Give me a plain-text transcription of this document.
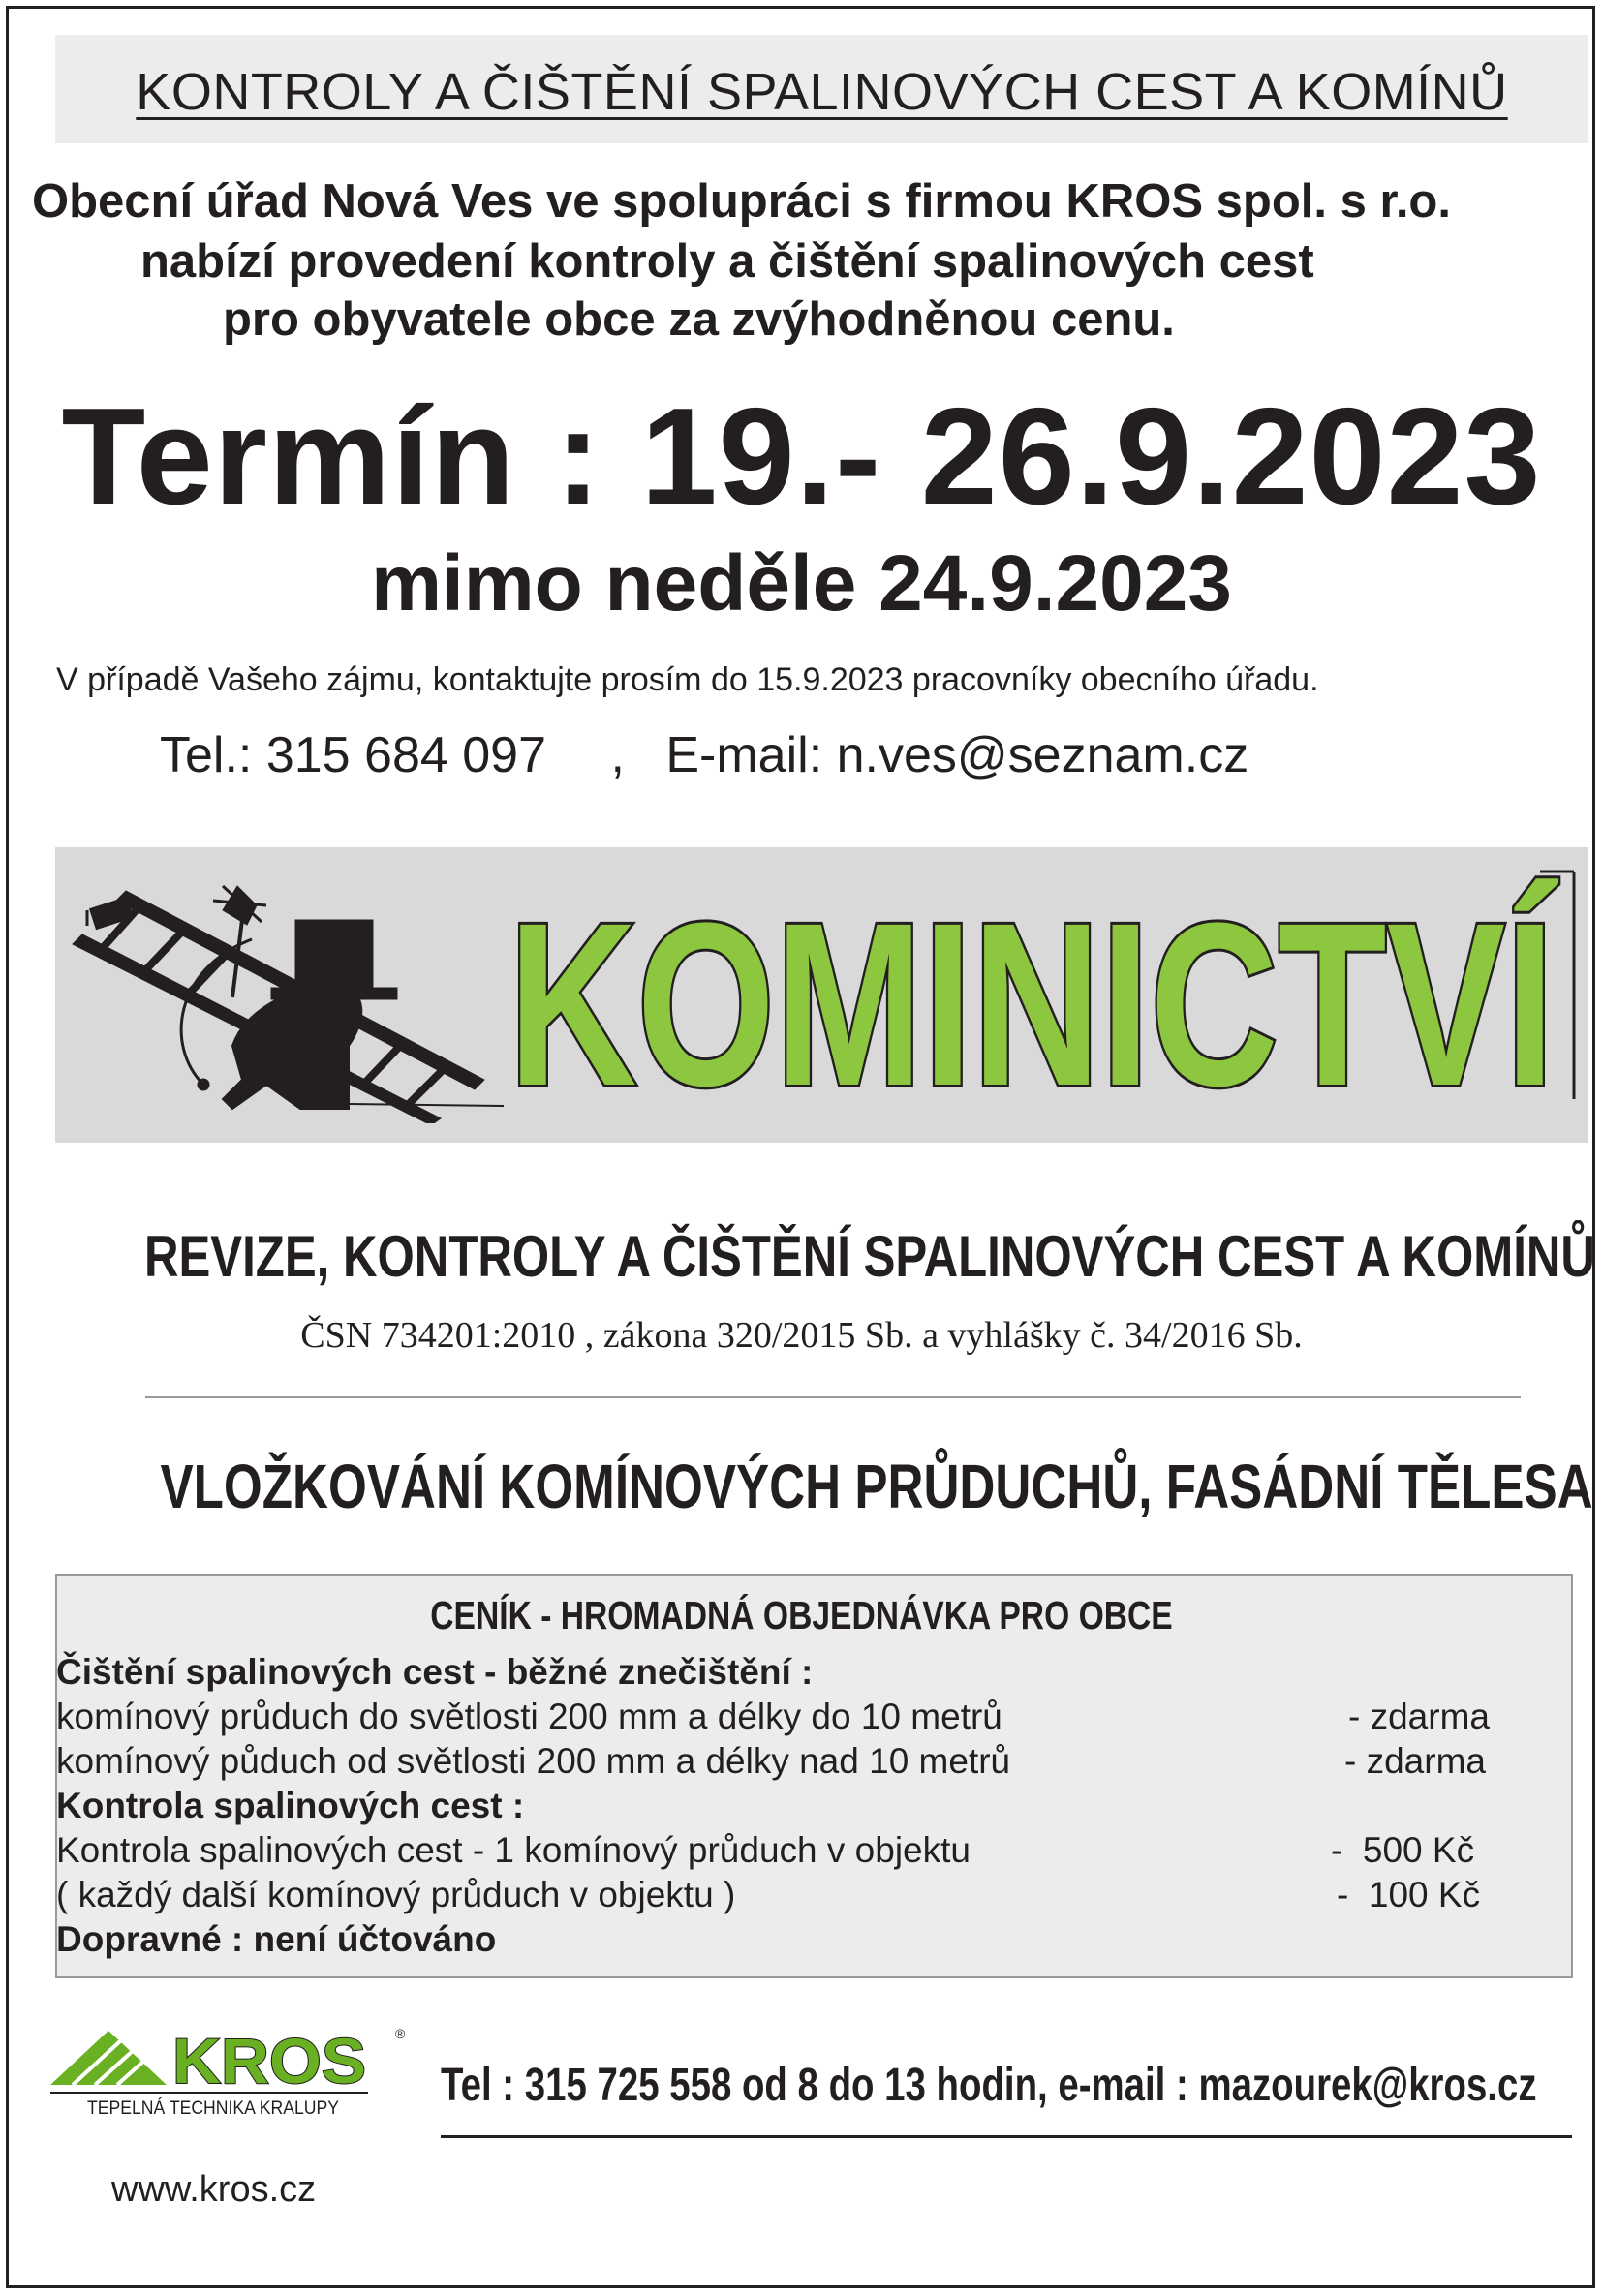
KONTROLY A ČIŠTĚNÍ SPALINOVÝCH CEST A KOMÍNŮ
Obecní úřad Nová Ves ve spolupráci s firmou KROS spol. s r.o.
nabízí provedení kontroly a čištění spalinových cest
pro obyvatele obce za zvýhodněnou cenu.
Termín : 19.- 26.9.2023
mimo neděle 24.9.2023
V případě Vašeho zájmu, kontaktujte prosím do 15.9.2023 pracovníky obecního úřadu.
Tel.: 315 684 097 , E-mail: n.ves@seznam.cz
KOMINICTVÍ
REVIZE, KONTROLY A ČIŠTĚNÍ SPALINOVÝCH CEST A KOMÍNŮ
ČSN 734201:2010 , zákona 320/2015 Sb. a vyhlášky č. 34/2016 Sb.
VLOŽKOVÁNÍ KOMÍNOVÝCH PRŮDUCHŮ, FASÁDNÍ TĚLESA
CENÍK - HROMADNÁ OBJEDNÁVKA PRO OBCE
Čištění spalinových cest - běžné znečištění :
komínový průduch do světlosti 200 mm a délky do 10 metrů	- zdarma
komínový půduch od světlosti 200 mm a délky nad 10 metrů	- zdarma
Kontrola spalinových cest :
Kontrola spalinových cest - 1 komínový průduch v objektu	-  500 Kč
( každý další komínový průduch v objektu )	-  100 Kč
Dopravné : není účtováno
KROS ®
TEPELNÁ TECHNIKA KRALUPY
www.kros.cz
Tel : 315 725 558 od 8 do 13 hodin, e-mail : mazourek@kros.cz
